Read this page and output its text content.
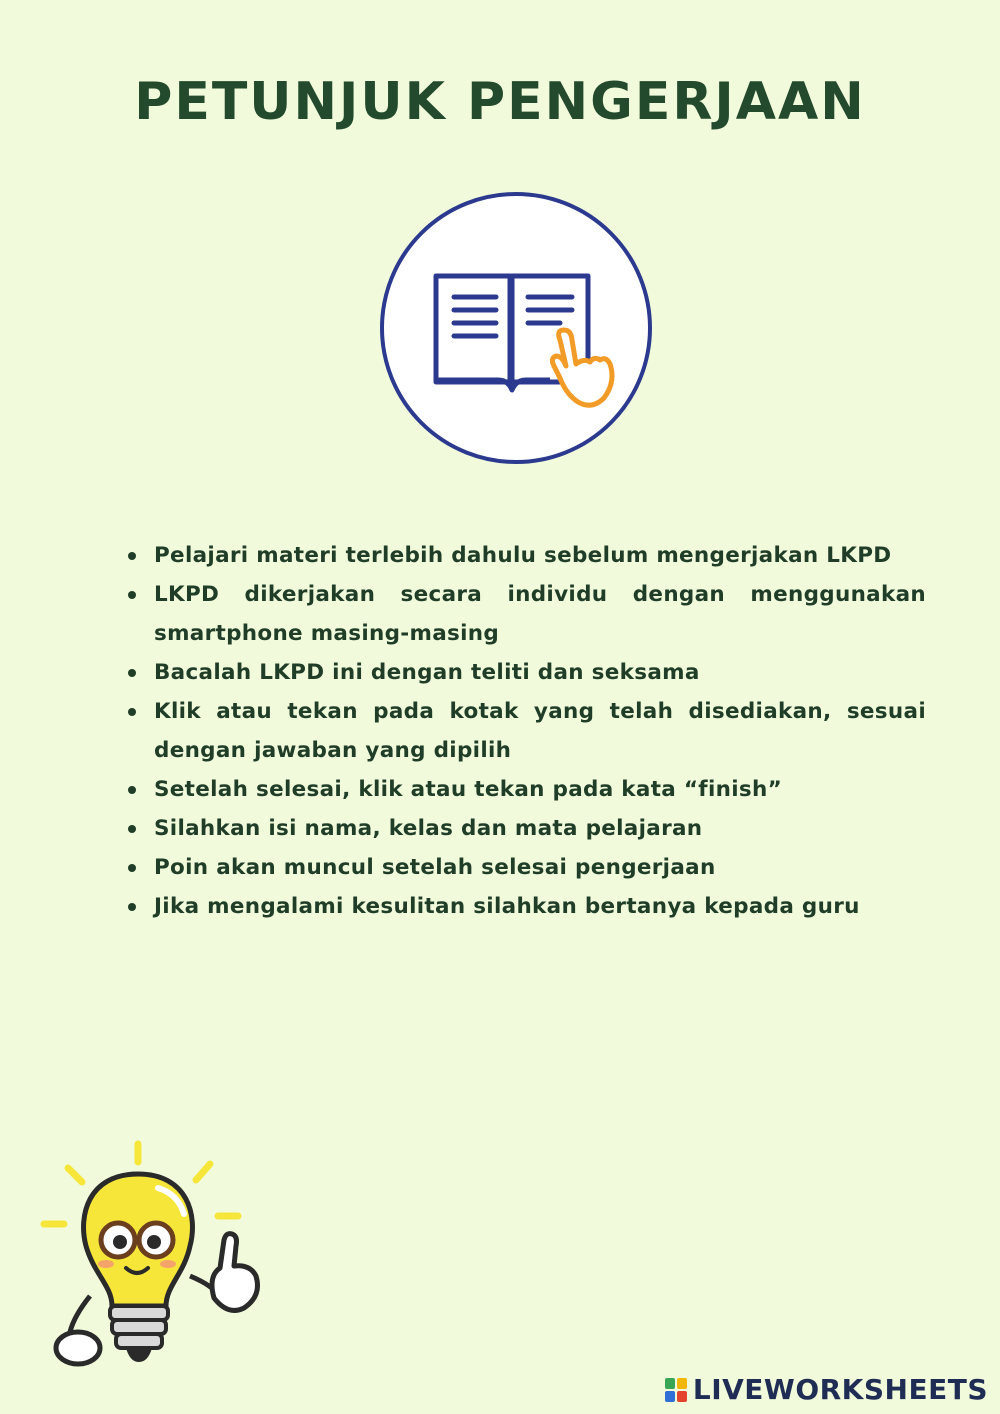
PETUNJUK PENGERJAAN
Pelajari materi terlebih dahulu sebelum mengerjakan LKPD
LKPD dikerjakan secara individu dengan menggunakan smartphone masing-masing
Bacalah LKPD ini dengan teliti dan seksama
Klik atau tekan pada kotak yang telah disediakan, sesuai dengan jawaban yang dipilih
Setelah selesai, klik atau tekan pada kata “finish”
Silahkan isi nama, kelas dan mata pelajaran
Poin akan muncul setelah selesai pengerjaan
Jika mengalami kesulitan silahkan bertanya kepada guru
LIVEWORKSHEETS
